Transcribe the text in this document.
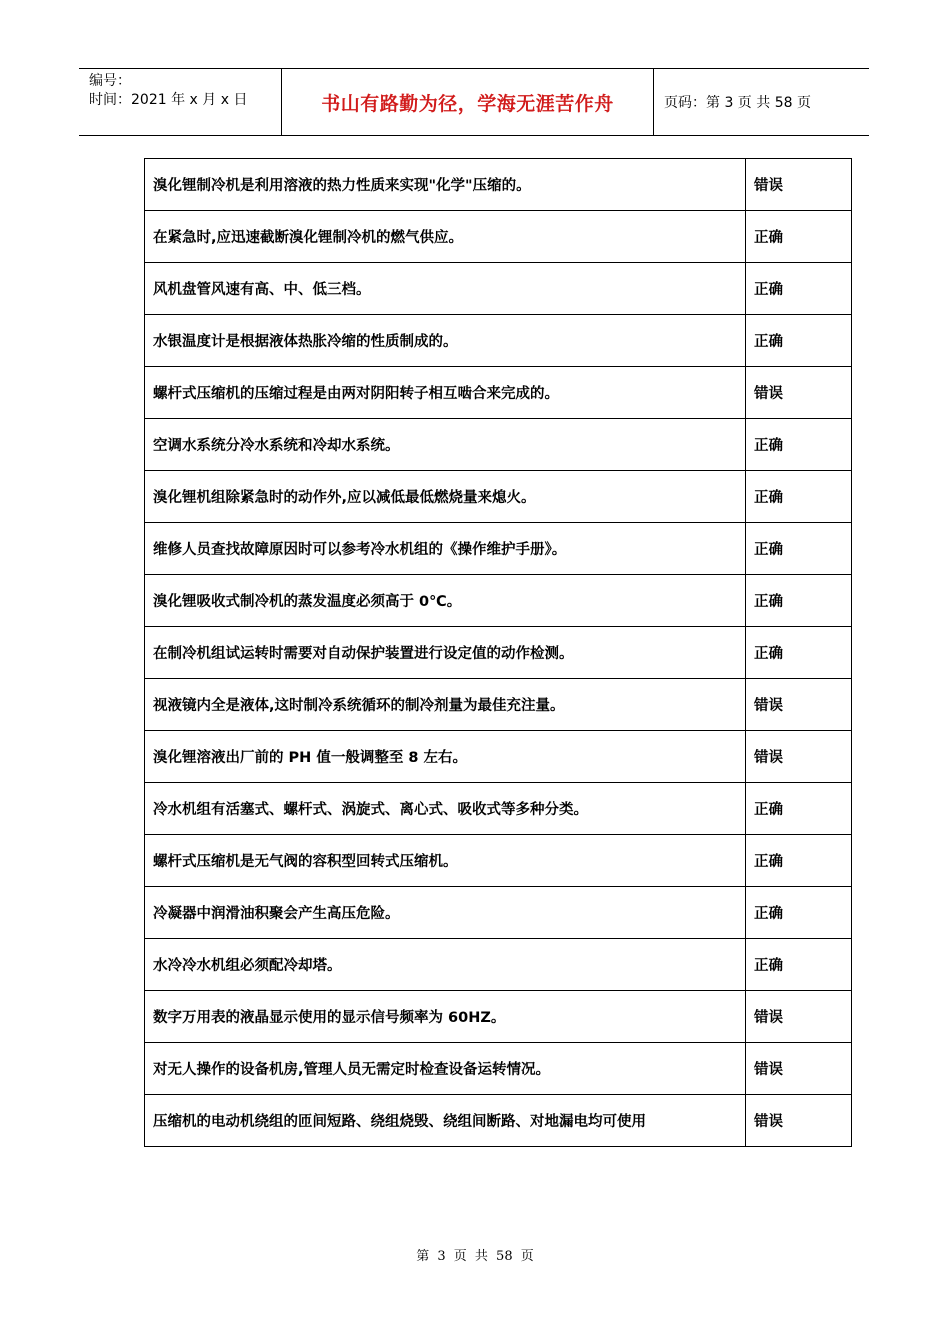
编号：
时间：2021 年 x 月 x 日	书山有路勤为径，学海无涯苦作舟	页码：第 3 页 共 58 页
溴化锂制冷机是利用溶液的热力性质来实现"化学"压缩的。	错误
在紧急时,应迅速截断溴化锂制冷机的燃气供应。	正确
风机盘管风速有高、中、低三档。	正确
水银温度计是根据液体热胀冷缩的性质制成的。	正确
螺杆式压缩机的压缩过程是由两对阴阳转子相互啮合来完成的。	错误
空调水系统分冷水系统和冷却水系统。	正确
溴化锂机组除紧急时的动作外,应以减低最低燃烧量来熄火。	正确
维修人员查找故障原因时可以参考冷水机组的《操作维护手册》。	正确
溴化锂吸收式制冷机的蒸发温度必须高于 0℃。	正确
在制冷机组试运转时需要对自动保护装置进行设定值的动作检测。	正确
视液镜内全是液体,这时制冷系统循环的制冷剂量为最佳充注量。	错误
溴化锂溶液出厂前的 PH 值一般调整至 8 左右。	错误
冷水机组有活塞式、螺杆式、涡旋式、离心式、吸收式等多种分类。	正确
螺杆式压缩机是无气阀的容积型回转式压缩机。	正确
冷凝器中润滑油积聚会产生高压危险。	正确
水冷冷水机组必须配冷却塔。	正确
数字万用表的液晶显示使用的显示信号频率为 60HZ。	错误
对无人操作的设备机房,管理人员无需定时检查设备运转情况。	错误
压缩机的电动机绕组的匝间短路、绕组烧毁、绕组间断路、对地漏电均可使用	错误
第 3 页 共 58 页
